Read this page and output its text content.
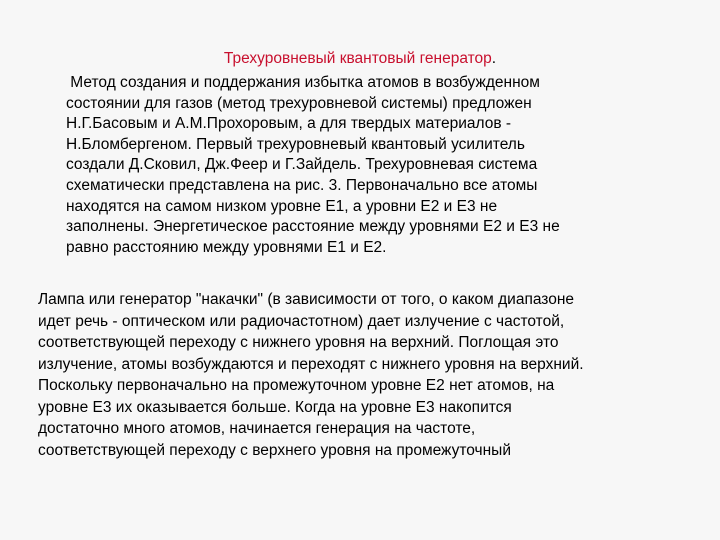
Трехуровневый квантовый генератор.
Метод создания и поддержания избытка атомов в возбужденном
состоянии для газов (метод трехуровневой системы) предложен
Н.Г.Басовым и А.М.Прохоровым, а для твердых материалов -
Н.Бломбергеном. Первый трехуровневый квантовый усилитель
создали Д.Сковил, Дж.Феер и Г.Зайдель. Трехуровневая система
схематически представлена на рис. 3. Первоначально все атомы
находятся на самом низком уровне Е1, а уровни Е2 и Е3 не
заполнены. Энергетическое расстояние между уровнями Е2 и Е3 не
равно расстоянию между уровнями Е1 и Е2.
Лампа или генератор "накачки" (в зависимости от того, о каком диапазоне
идет речь - оптическом или радиочастотном) дает излучение с частотой,
соответствующей переходу с нижнего уровня на верхний. Поглощая это
излучение, атомы возбуждаются и переходят с нижнего уровня на верхний.
Поскольку первоначально на промежуточном уровне Е2 нет атомов, на
уровне Е3 их оказывается больше. Когда на уровне Е3 накопится
достаточно много атомов, начинается генерация на частоте,
соответствующей переходу с верхнего уровня на промежуточный
